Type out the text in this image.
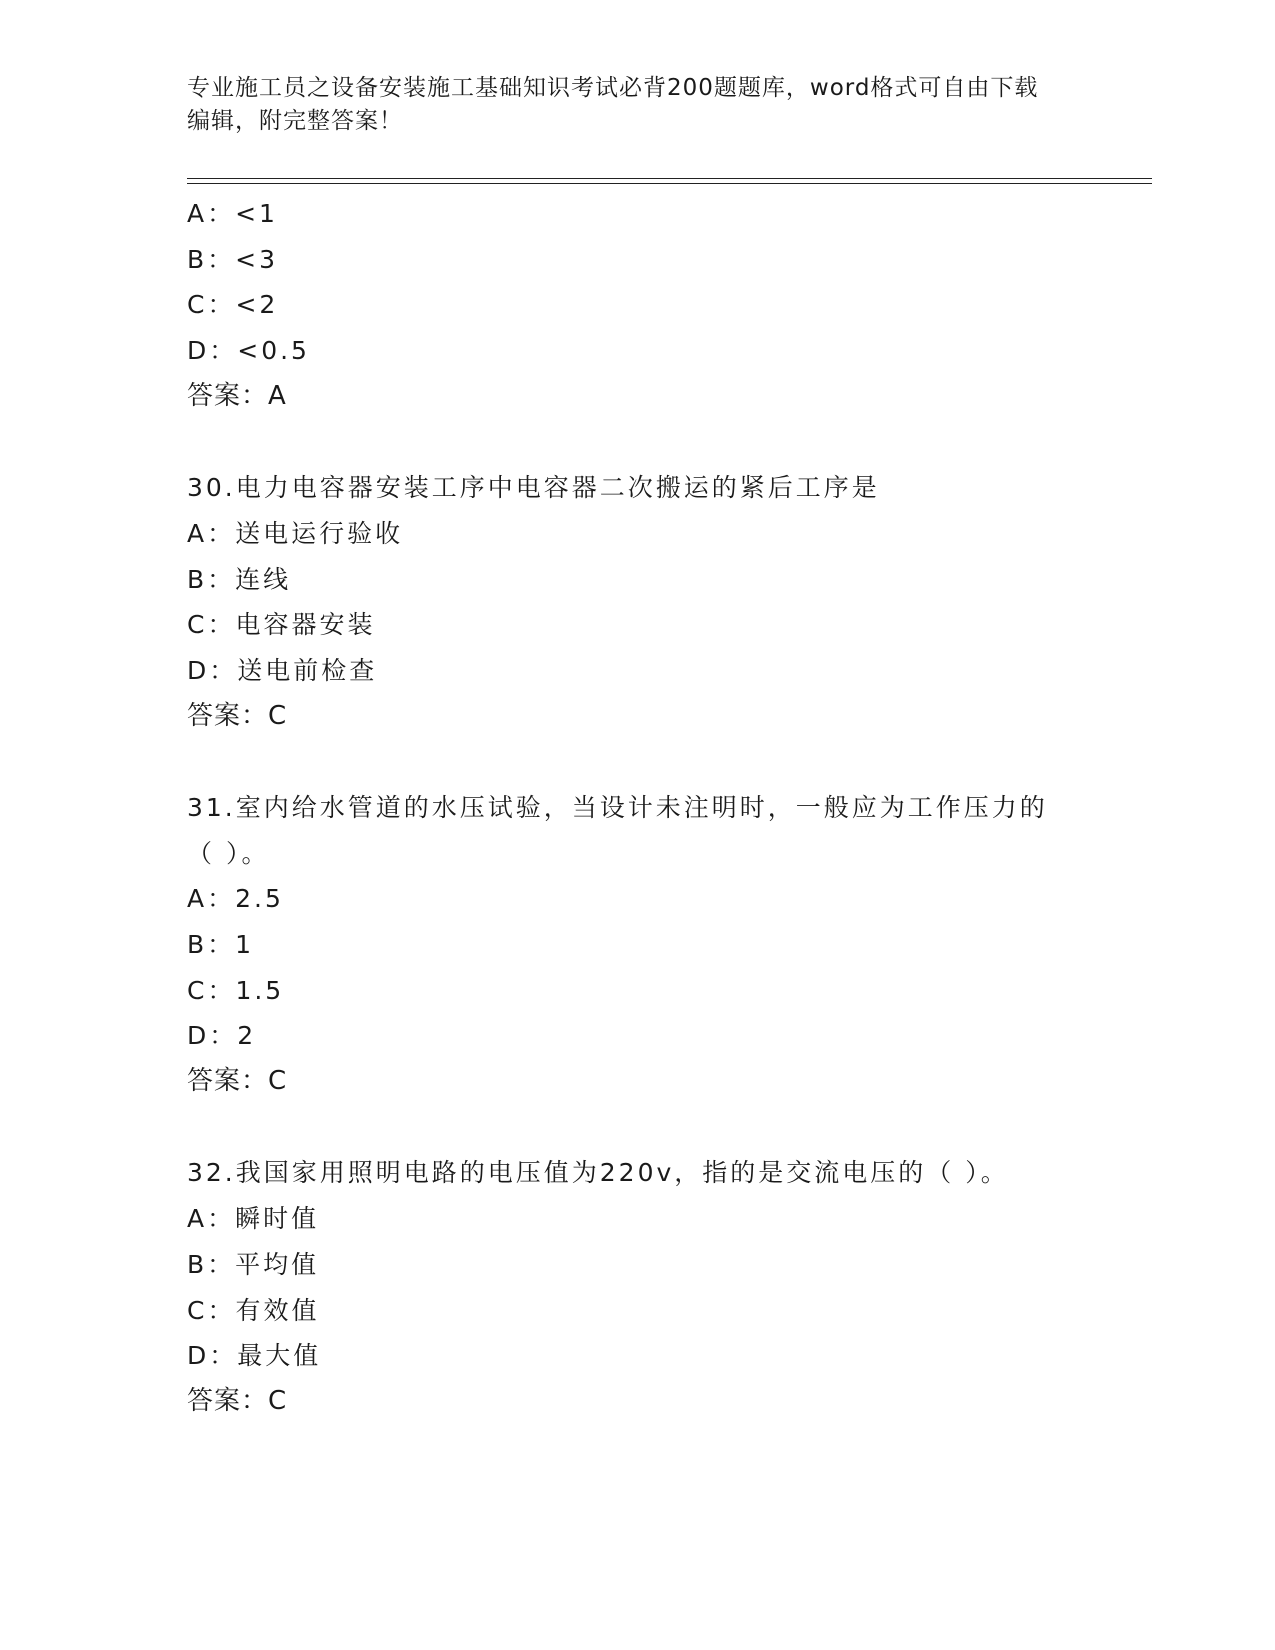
专业施工员之设备安装施工基础知识考试必背200题题库，word格式可自由下载
编辑，附完整答案！
A：<1
B：<3
C：<2
D：<0.5
答案：A
30.电力电容器安装工序中电容器二次搬运的紧后工序是
A：送电运行验收
B：连线
C：电容器安装
D：送电前检查
答案：C
31.室内给水管道的水压试验，当设计未注明时，一般应为工作压力的
（ ）。
A：2.5
B：1
C：1.5
D：2
答案：C
32.我国家用照明电路的电压值为220v，指的是交流电压的（ ）。
A：瞬时值
B：平均值
C：有效值
D：最大值
答案：C
